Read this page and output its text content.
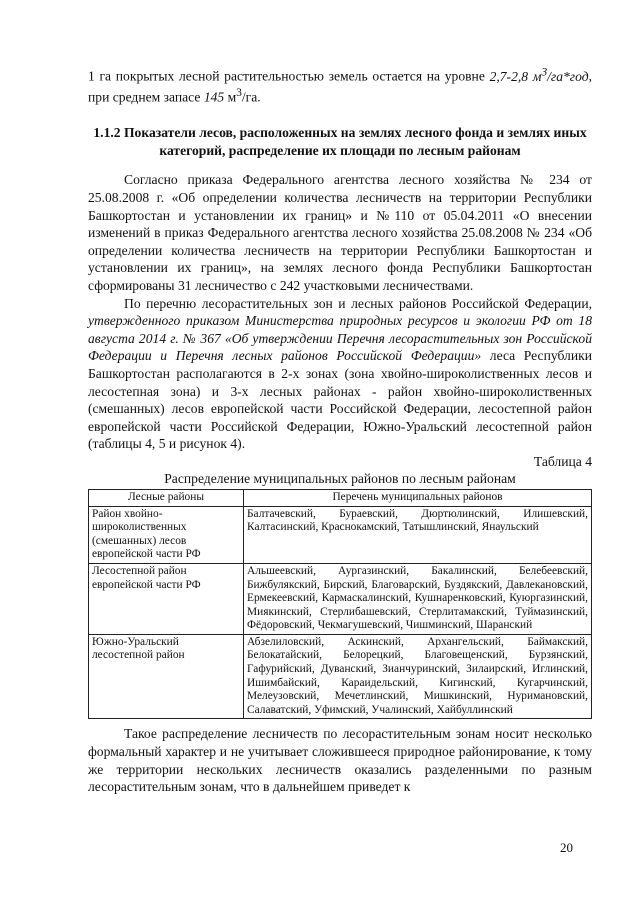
1 га покрытых лесной растительностью земель остается на уровне 2,7-2,8 $м^3/га*год$, при среднем запасе 145 $м^3/га$.

1.1.2 Показатели лесов, расположенных на землях лесного фонда и землях иных категорий, распределение их площади по лесным районам

Согласно приказа Федерального агентства лесного хозяйства № 234 от 25.08.2008 г. «Об определении количества лесничеств на территории Республики Башкортостан и установлении их границ» и №110 от 05.04.2011 «О внесении изменений в приказ Федерального агентства лесного хозяйства 25.08.2008 № 234 «Об определении количества лесничеств на территории Республики Башкортостан и установлении их границ», на землях лесного фонда Республики Башкортостан сформированы 31 лесничество с 242 участковыми лесничествами.

По перечню лесорастительных зон и лесных районов Российской Федерации, утвержденного приказом Министерства природных ресурсов и экологии РФ от 18 августа 2014 г. № 367 «Об утверждении Перечня лесорастительных зон Российской Федерации и Перечня лесных районов Российской Федерации» леса Республики Башкортостан располагаются в 2-х зонах (зона хвойно-широколиственных лесов и лесостепная зона) и 3-х лесных районах - район хвойно-широколиственных (смешанных) лесов европейской части Российской Федерации, лесостепной район европейской части Российской Федерации, Южно-Уральский лесостепной район (таблицы 4, 5 и рисунок 4).

Таблица 4

Распределение муниципальных районов по лесным районам

Лесные районы	Перечень муниципальных районов
Район хвойно-широколиственных (смешанных) лесов европейской части РФ	Балтачевский, Бураевский, Дюртюлинский, Илишевский, Калтасинский, Краснокамский, Татышлинский, Янаульский
Лесостепной район европейской части РФ	Альшеевский, Аургазинский, Бакалинский, Белебеевский, Бижбулякский, Бирский, Благоварский, Буздякский, Давлекановский, Ермекеевский, Кармаскалинский, Кушнаренковский, Куюргазинский, Миякинский, Стерлибашевский, Стерлитамакский, Туймазинский, Фёдоровский, Чекмагушевский, Чишминский, Шаранский
Южно-Уральский лесостепной район	Абзелиловский, Аскинский, Архангельский, Баймакский, Белокатайский, Белорецкий, Благовещенский, Бурзянский, Гафурийский, Дуванский, Зианчуринский, Зилаирский, Иглинский, Ишимбайский, Караидельский, Кигинский, Кугарчинский, Мелеузовский, Мечетлинский, Мишкинский, Нуримановский, Салаватский, Уфимский, Учалинский, Хайбуллинский

Такое распределение лесничеств по лесорастительным зонам носит несколько формальный характер и не учитывает сложившееся природное районирование, к тому же территории нескольких лесничеств оказались разделенными по разным лесорастительным зонам, что в дальнейшем приведет к

20
